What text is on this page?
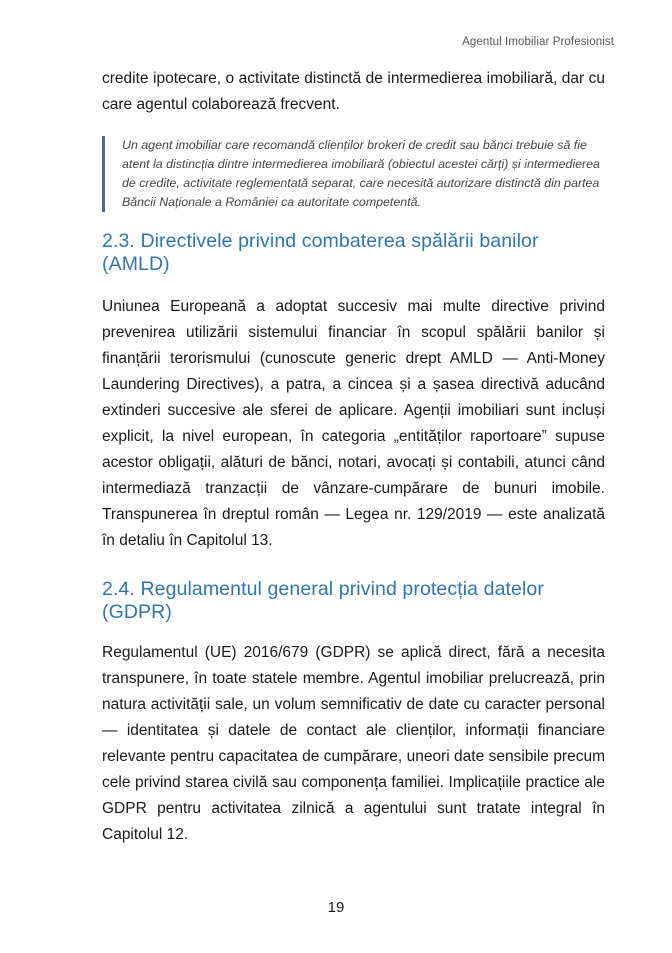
Agentul Imobiliar Profesionist

credite ipotecare, o activitate distinctă de intermedierea imobiliară, dar cu care agentul colaborează frecvent.

Un agent imobiliar care recomandă clienților brokeri de credit sau bănci trebuie să fie atent la distincția dintre intermedierea imobiliară (obiectul acestei cărți) și intermedierea de credite, activitate reglementată separat, care necesită autorizare distinctă din partea Băncii Naționale a României ca autoritate competentă.

2.3. Directivele privind combaterea spălării banilor (AMLD)

Uniunea Europeană a adoptat succesiv mai multe directive privind prevenirea utilizării sistemului financiar în scopul spălării banilor și finanțării terorismului (cunoscute generic drept AMLD — Anti-Money Laundering Directives), a patra, a cincea și a șasea directivă aducând extinderi succesive ale sferei de aplicare. Agenții imobiliari sunt incluși explicit, la nivel european, în categoria „entităților raportoare” supuse acestor obligații, alături de bănci, notari, avocați și contabili, atunci când intermediază tranzacții de vânzare-cumpărare de bunuri imobile. Transpunerea în dreptul român — Legea nr. 129/2019 — este analizată în detaliu în Capitolul 13.

2.4. Regulamentul general privind protecția datelor (GDPR)

Regulamentul (UE) 2016/679 (GDPR) se aplică direct, fără a necesita transpunere, în toate statele membre. Agentul imobiliar prelucrează, prin natura activității sale, un volum semnificativ de date cu caracter personal — identitatea și datele de contact ale clienților, informații financiare relevante pentru capacitatea de cumpărare, uneori date sensibile precum cele privind starea civilă sau componența familiei. Implicațiile practice ale GDPR pentru activitatea zilnică a agentului sunt tratate integral în Capitolul 12.

19
